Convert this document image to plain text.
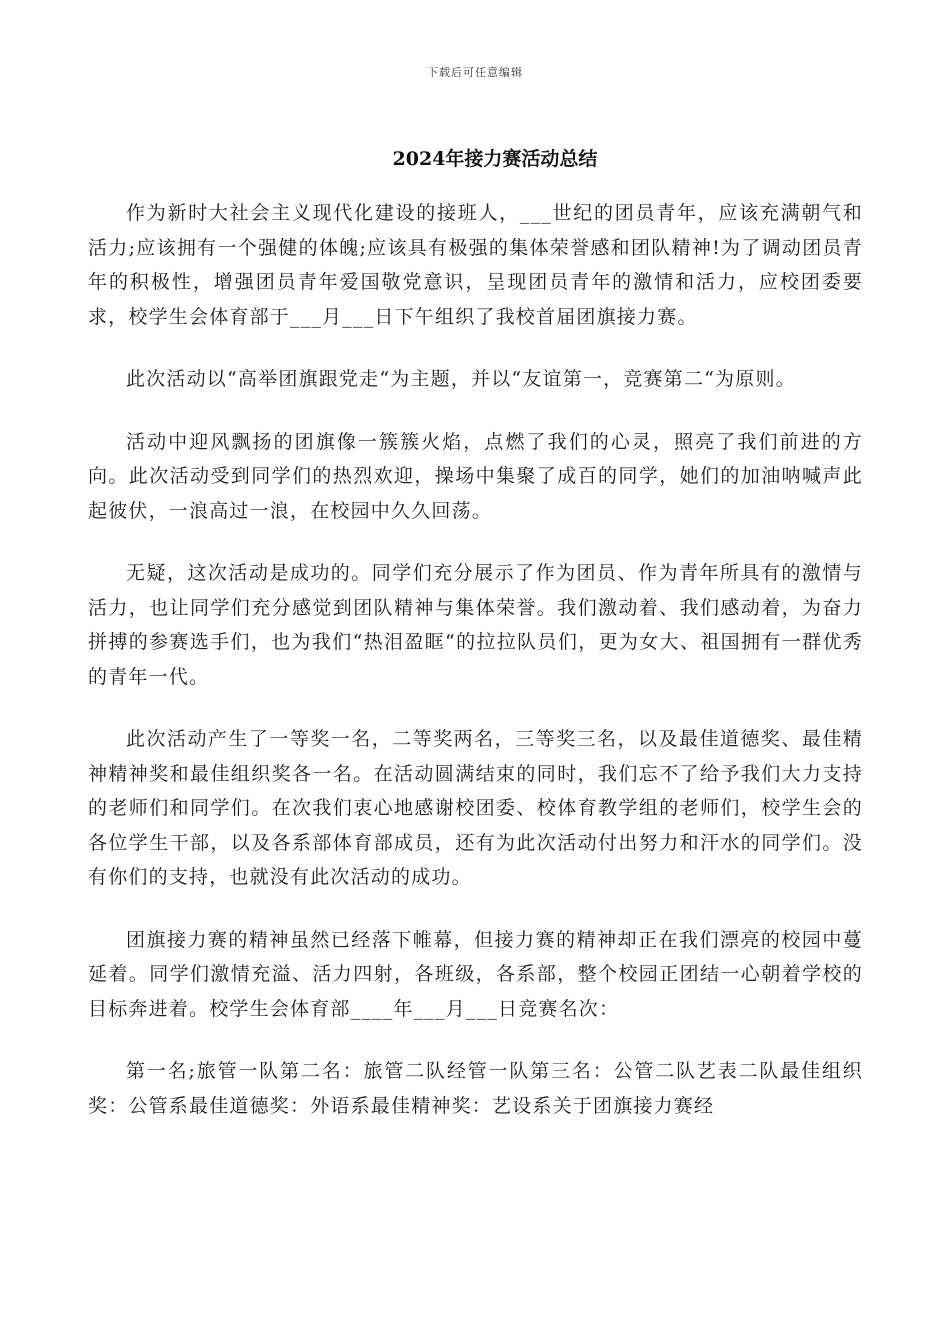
下载后可任意编辑
2024年接力赛活动总结

作为新时大社会主义现代化建设的接班人，___世纪的团员青年，应该充满朝气和活力;应该拥有一个强健的体魄;应该具有极强的集体荣誉感和团队精神!为了调动团员青年的积极性，增强团员青年爱国敬党意识，呈现团员青年的激情和活力，应校团委要求，校学生会体育部于___月___日下午组织了我校首届团旗接力赛。

此次活动以“高举团旗跟党走“为主题，并以“友谊第一，竞赛第二“为原则。

活动中迎风飘扬的团旗像一簇簇火焰，点燃了我们的心灵，照亮了我们前进的方向。此次活动受到同学们的热烈欢迎，操场中集聚了成百的同学，她们的加油呐喊声此起彼伏，一浪高过一浪，在校园中久久回荡。

无疑，这次活动是成功的。同学们充分展示了作为团员、作为青年所具有的激情与活力，也让同学们充分感觉到团队精神与集体荣誉。我们激动着、我们感动着，为奋力拼搏的参赛选手们，也为我们“热泪盈眶“的拉拉队员们，更为女大、祖国拥有一群优秀的青年一代。

此次活动产生了一等奖一名，二等奖两名，三等奖三名，以及最佳道德奖、最佳精神精神奖和最佳组织奖各一名。在活动圆满结束的同时，我们忘不了给予我们大力支持的老师们和同学们。在次我们衷心地感谢校团委、校体育教学组的老师们，校学生会的各位学生干部，以及各系部体育部成员，还有为此次活动付出努力和汗水的同学们。没有你们的支持，也就没有此次活动的成功。

团旗接力赛的精神虽然已经落下帷幕，但接力赛的精神却正在我们漂亮的校园中蔓延着。同学们激情充溢、活力四射，各班级，各系部，整个校园正团结一心朝着学校的目标奔进着。校学生会体育部____年___月___日竞赛名次：

第一名;旅管一队第二名：旅管二队经管一队第三名：公管二队艺表二队最佳组织奖：公管系最佳道德奖：外语系最佳精神奖：艺设系关于团旗接力赛经
